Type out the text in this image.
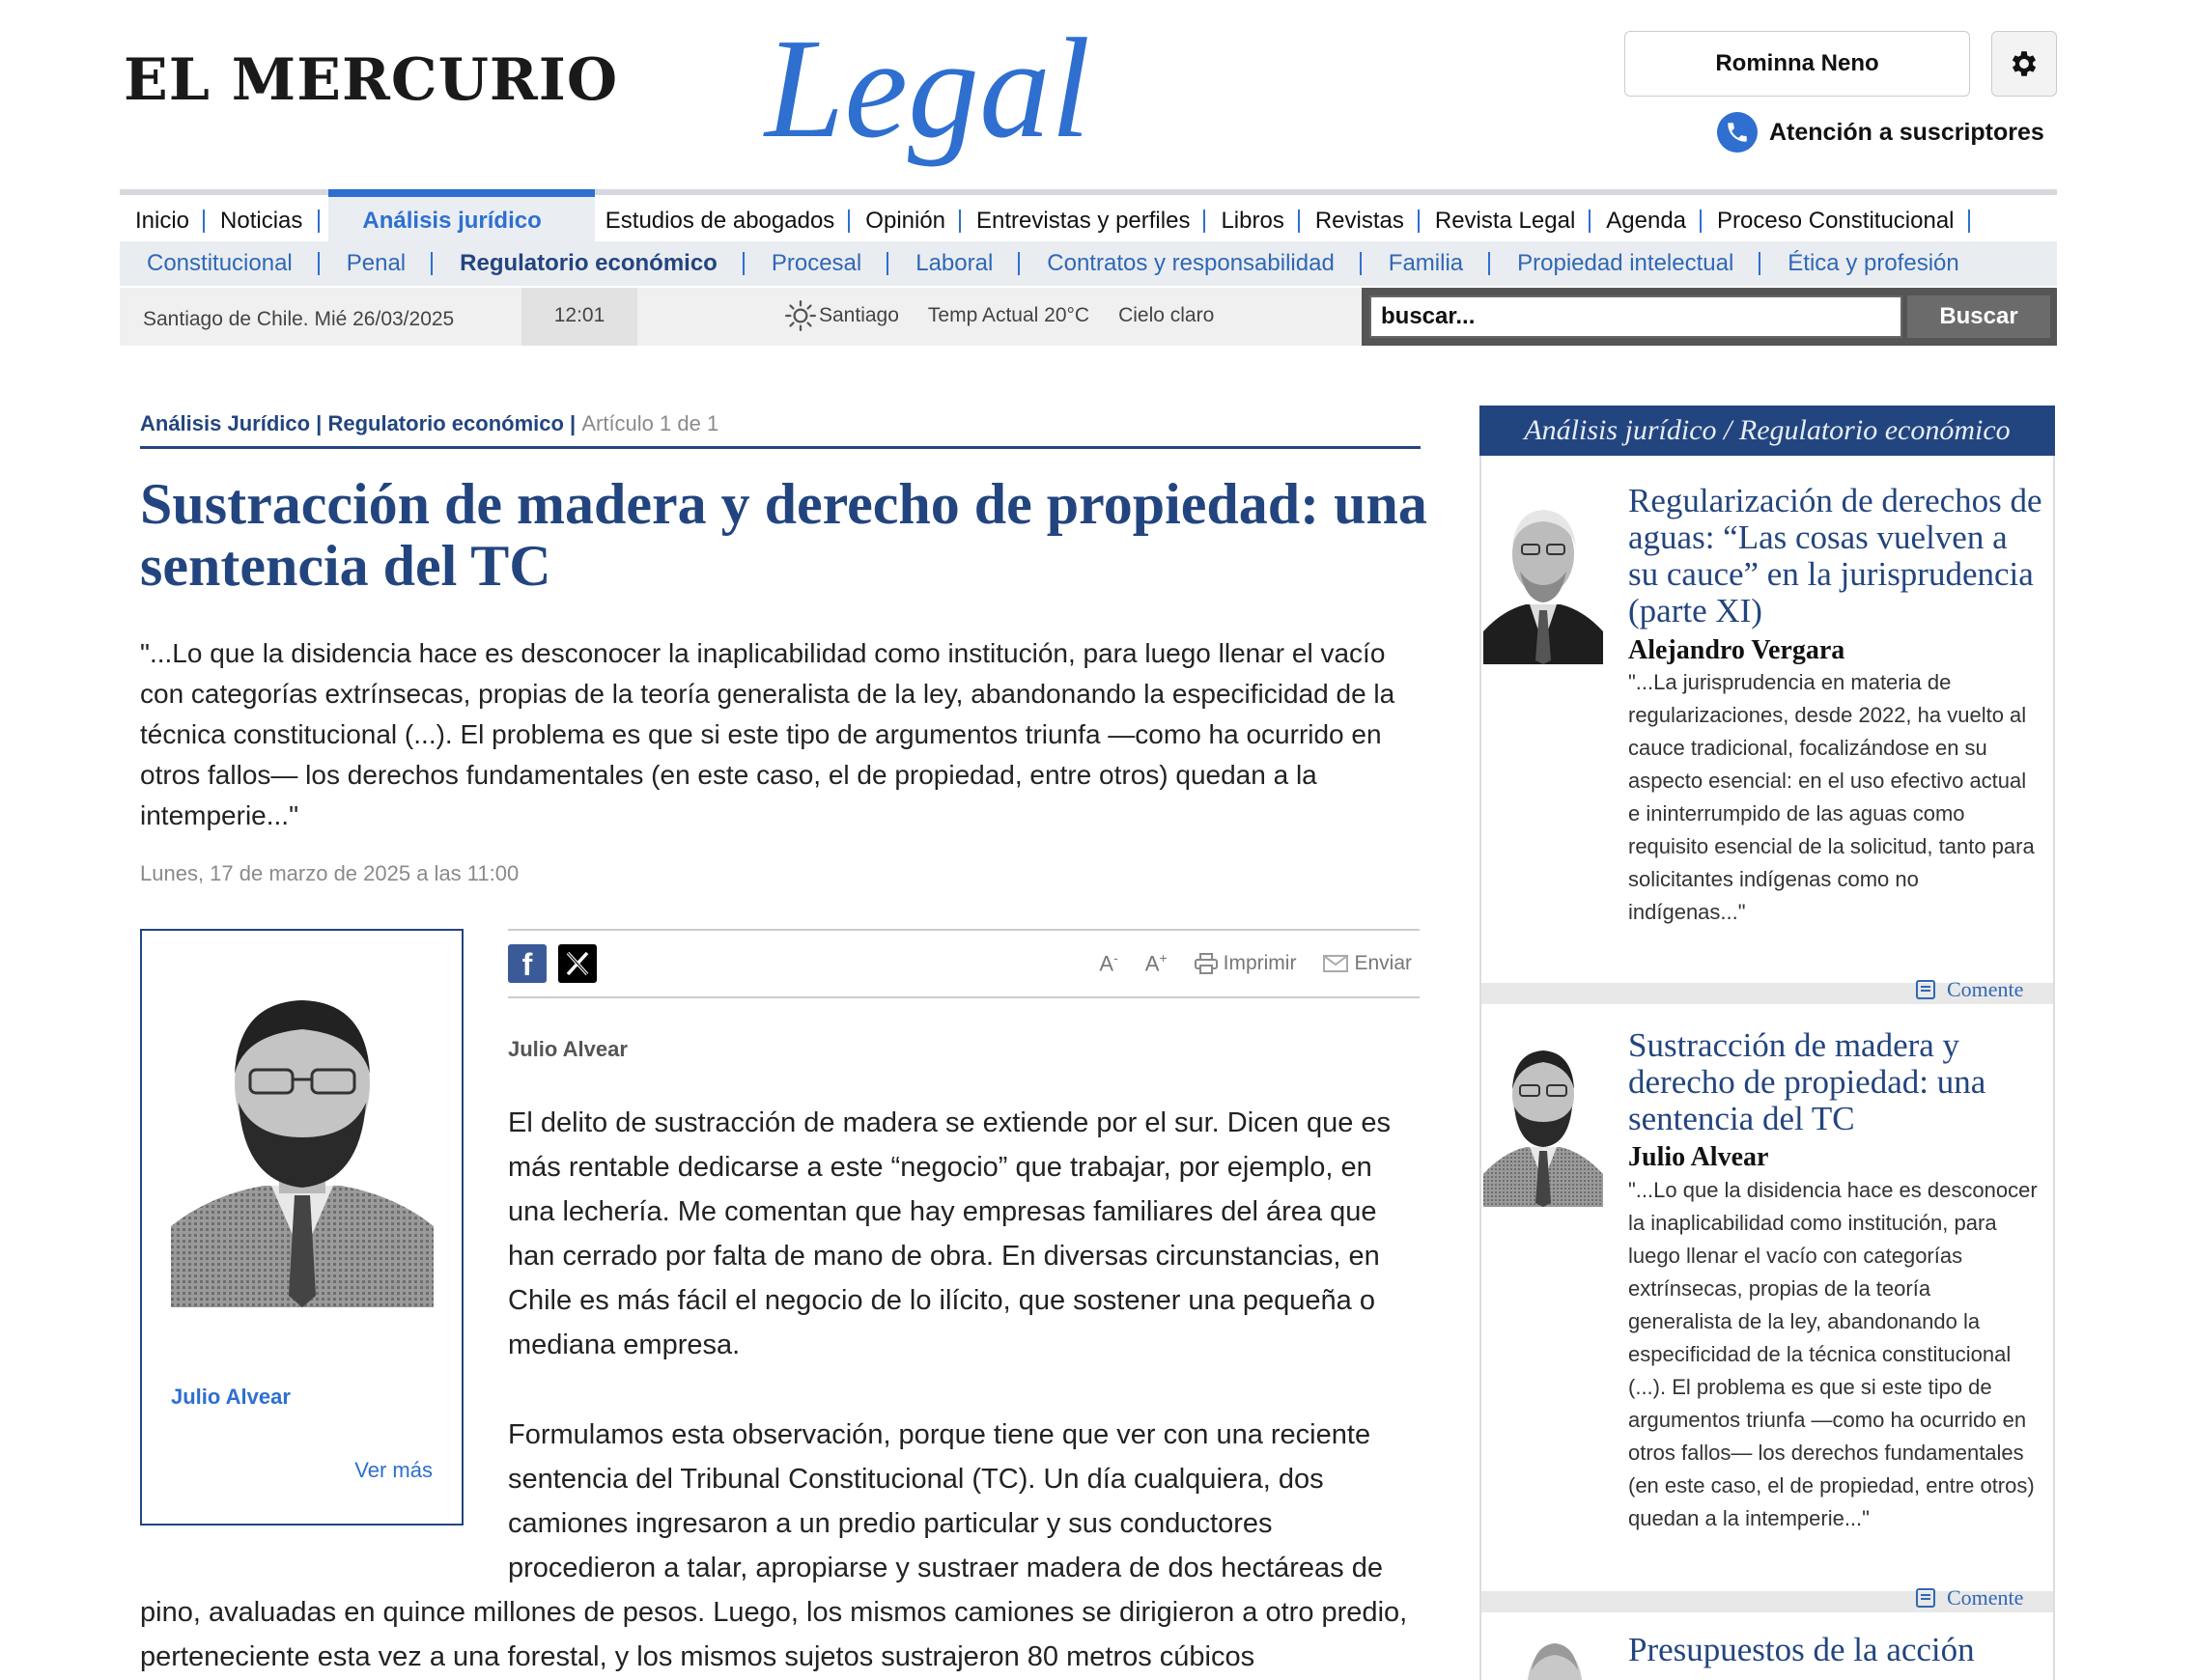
EL MERCURIO Legal	Rominna Neno
Atención a suscriptores
Inicio	Noticias	Análisis jurídico	Estudios de abogados	Opinión	Entrevistas y perfiles	Libros	Revistas	Revista Legal	Agenda	Proceso Constitucional
Constitucional	Penal	Regulatorio económico	Procesal	Laboral	Contratos y responsabilidad	Familia	Propiedad intelectual	Ética y profesión
Santiago de Chile. Mié 26/03/2025	12:01	Santiago Temp Actual 20°C Cielo claro
buscar...	Buscar
Análisis Jurídico | Regulatorio económico | Artículo 1 de 1
Sustracción de madera y derecho de propiedad: una sentencia del TC

"...Lo que la disidencia hace es desconocer la inaplicabilidad como institución, para luego llenar el vacío con categorías extrínsecas, propias de la teoría generalista de la ley, abandonando la especificidad de la técnica constitucional (...). El problema es que si este tipo de argumentos triunfa —como ha ocurrido en otros fallos— los derechos fundamentales (en este caso, el de propiedad, entre otros) quedan a la intemperie..."

Lunes, 17 de marzo de 2025 a las 11:00
Julio Alvear
Ver más
f	A- A+	Imprimir	Enviar
Julio Alvear

El delito de sustracción de madera se extiende por el sur. Dicen que es más rentable dedicarse a este “negocio” que trabajar, por ejemplo, en una lechería. Me comentan que hay empresas familiares del área que han cerrado por falta de mano de obra. En diversas circunstancias, en Chile es más fácil el negocio de lo ilícito, que sostener una pequeña o mediana empresa.

Formulamos esta observación, porque tiene que ver con una reciente sentencia del Tribunal Constitucional (TC). Un día cualquiera, dos camiones ingresaron a un predio particular y sus conductores procedieron a talar, apropiarse y sustraer madera de dos hectáreas de

pino, avaluadas en quince millones de pesos. Luego, los mismos camiones se dirigieron a otro predio, perteneciente esta vez a una forestal, y los mismos sujetos sustrajeron 80 metros cúbicos

Análisis jurídico / Regulatorio económico
Regularización de derechos de aguas: “Las cosas vuelven a su cauce” en la jurisprudencia (parte XI)
Alejandro Vergara

"...La jurisprudencia en materia de regularizaciones, desde 2022, ha vuelto al cauce tradicional, focalizándose en su aspecto esencial: en el uso efectivo actual e ininterrumpido de las aguas como requisito esencial de la solicitud, tanto para solicitantes indígenas como no indígenas..."

Comente
Sustracción de madera y derecho de propiedad: una sentencia del TC
Julio Alvear

"...Lo que la disidencia hace es desconocer la inaplicabilidad como institución, para luego llenar el vacío con categorías extrínsecas, propias de la teoría generalista de la ley, abandonando la especificidad de la técnica constitucional (...). El problema es que si este tipo de argumentos triunfa —como ha ocurrido en otros fallos— los derechos fundamentales (en este caso, el de propiedad, entre otros) quedan a la intemperie..."

Comente
Presupuestos de la acción
